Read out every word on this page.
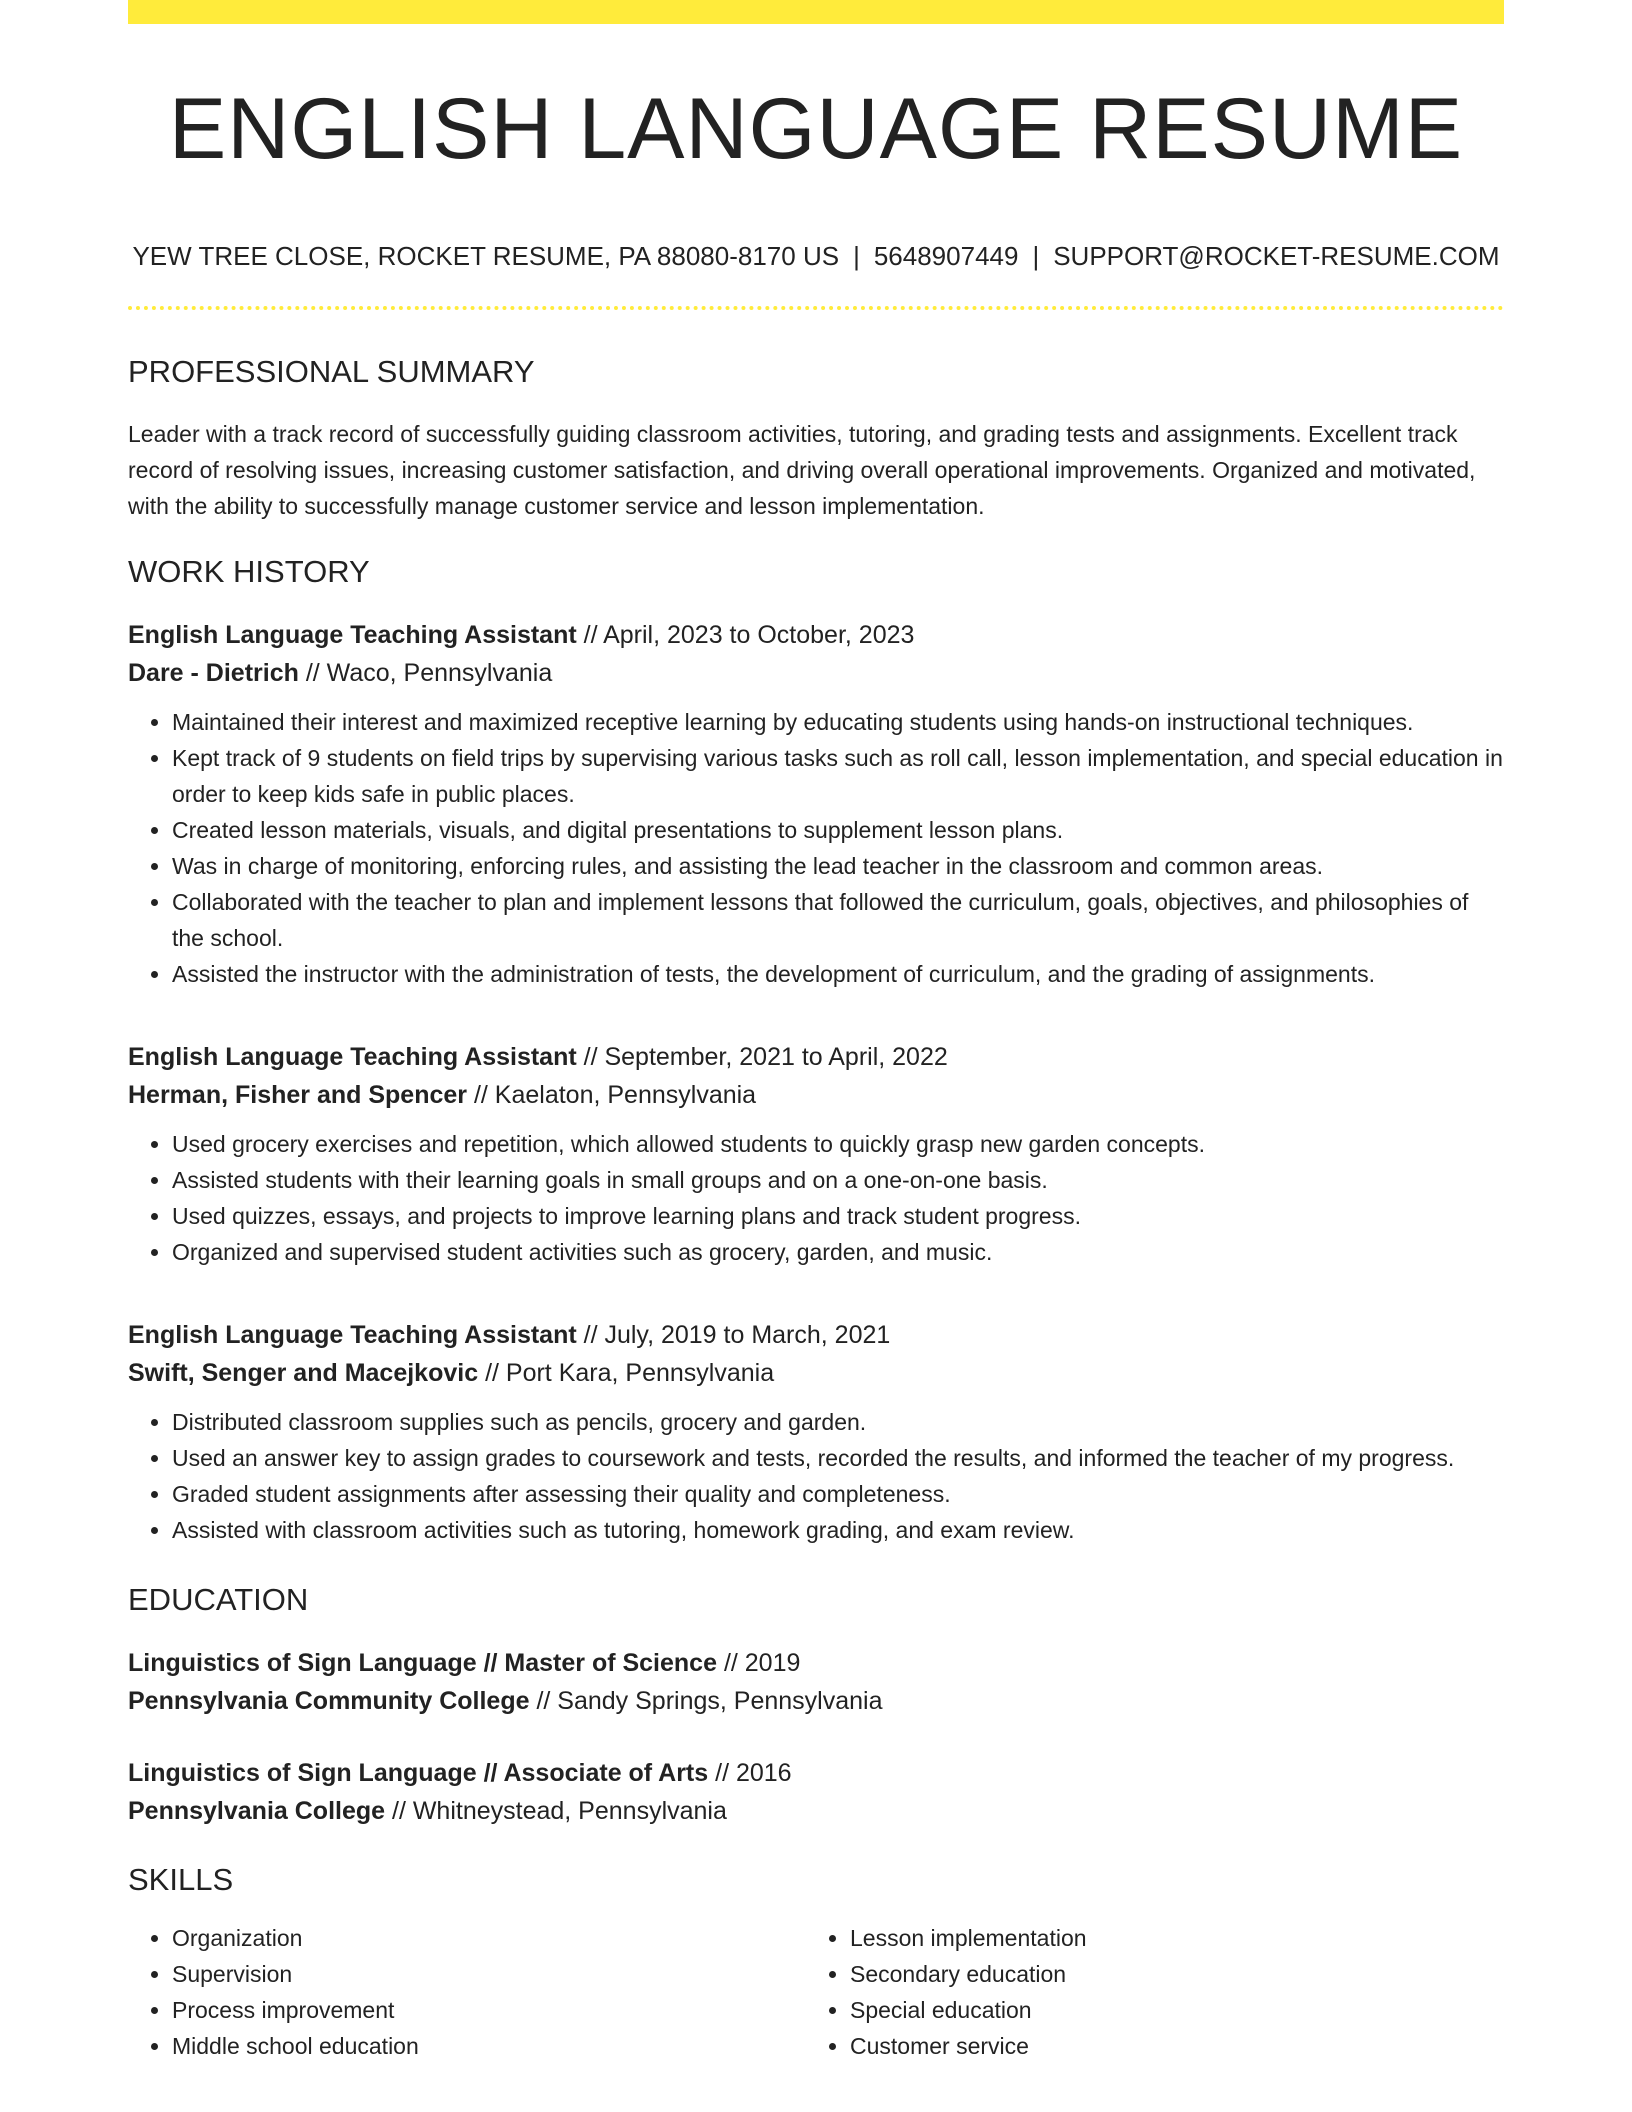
ENGLISH LANGUAGE RESUME
YEW TREE CLOSE, ROCKET RESUME, PA 88080-8170 US | 5648907449 | SUPPORT@ROCKET-RESUME.COM
PROFESSIONAL SUMMARY
Leader with a track record of successfully guiding classroom activities, tutoring, and grading tests and assignments. Excellent track record of resolving issues, increasing customer satisfaction, and driving overall operational improvements. Organized and motivated, with the ability to successfully manage customer service and lesson implementation.
WORK HISTORY
English Language Teaching Assistant // April, 2023 to October, 2023
Dare - Dietrich // Waco, Pennsylvania
• Maintained their interest and maximized receptive learning by educating students using hands-on instructional techniques.
• Kept track of 9 students on field trips by supervising various tasks such as roll call, lesson implementation, and special education in order to keep kids safe in public places.
• Created lesson materials, visuals, and digital presentations to supplement lesson plans.
• Was in charge of monitoring, enforcing rules, and assisting the lead teacher in the classroom and common areas.
• Collaborated with the teacher to plan and implement lessons that followed the curriculum, goals, objectives, and philosophies of the school.
• Assisted the instructor with the administration of tests, the development of curriculum, and the grading of assignments.
English Language Teaching Assistant // September, 2021 to April, 2022
Herman, Fisher and Spencer // Kaelaton, Pennsylvania
• Used grocery exercises and repetition, which allowed students to quickly grasp new garden concepts.
• Assisted students with their learning goals in small groups and on a one-on-one basis.
• Used quizzes, essays, and projects to improve learning plans and track student progress.
• Organized and supervised student activities such as grocery, garden, and music.
English Language Teaching Assistant // July, 2019 to March, 2021
Swift, Senger and Macejkovic // Port Kara, Pennsylvania
• Distributed classroom supplies such as pencils, grocery and garden.
• Used an answer key to assign grades to coursework and tests, recorded the results, and informed the teacher of my progress.
• Graded student assignments after assessing their quality and completeness.
• Assisted with classroom activities such as tutoring, homework grading, and exam review.
EDUCATION
Linguistics of Sign Language // Master of Science // 2019
Pennsylvania Community College // Sandy Springs, Pennsylvania
Linguistics of Sign Language // Associate of Arts // 2016
Pennsylvania College // Whitneystead, Pennsylvania
SKILLS
• Organization
• Supervision
• Process improvement
• Middle school education
• Lesson implementation
• Secondary education
• Special education
• Customer service
